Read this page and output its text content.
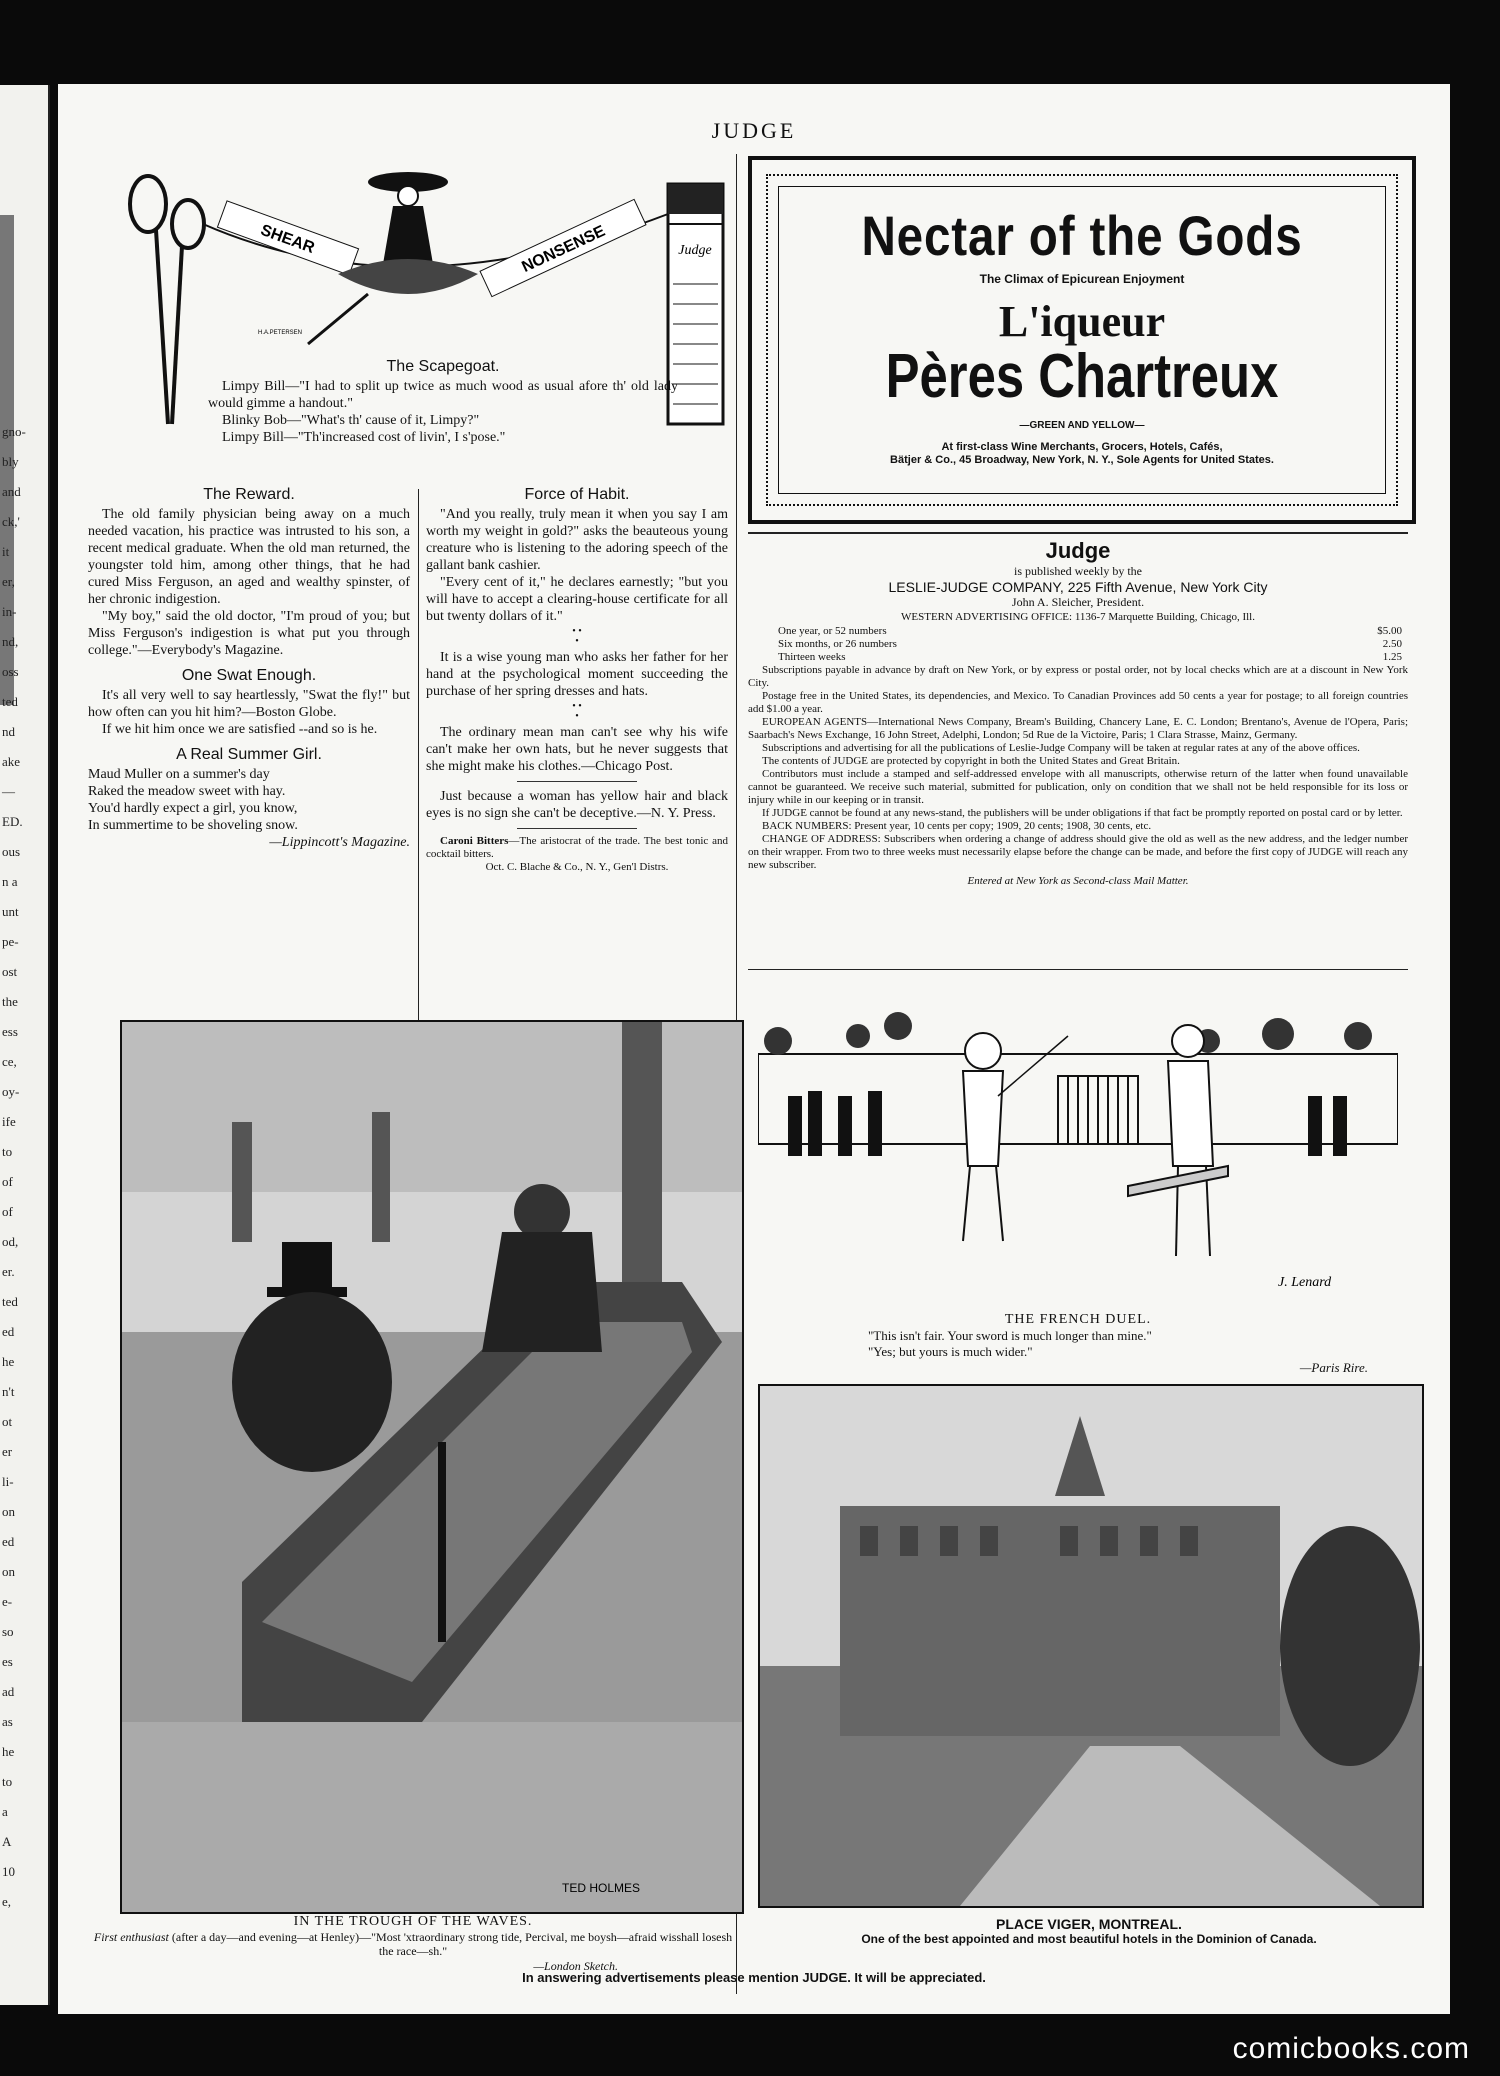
gno-
bly
and
ck,'
it
er,
in-
nd,
oss
ted
nd
ake
—
ED.
ous
n a
unt
pe-
ost
the
ess
ce,
oy-
ife
to
of
of
od,
er.
ted
ed
he
n't
ot
er
li-
on
ed
on
e-
so
es
ad
as
he
to
a
A
10
e,
JUDGE
SHEAR	NONSENSE	Judge
H.A.PETERSEN
The Scapegoat.

Limpy Bill—"I had to split up twice as much wood as usual afore th' old lady would gimme a handout."

Blinky Bob—"What's th' cause of it, Limpy?"

Limpy Bill—"Th'increased cost of livin', I s'pose."

The Reward.

The old family physician being away on a much needed vacation, his practice was intrusted to his son, a recent medical graduate. When the old man returned, the youngster told him, among other things, that he had cured Miss Ferguson, an aged and wealthy spinster, of her chronic indigestion.

"My boy," said the old doctor, "I'm proud of you; but Miss Ferguson's indigestion is what put you through college."—Everybody's Magazine.

One Swat Enough.

It's all very well to say heartlessly, "Swat the fly!" but how often can you hit him?—Boston Globe.

If we hit him once we are satisfied --and so is he.

A Real Summer Girl.
Maud Muller on a summer's day
Raked the meadow sweet with hay.
You'd hardly expect a girl, you know,
In summertime to be shoveling snow.
—Lippincott's Magazine.
Force of Habit.

"And you really, truly mean it when you say I am worth my weight in gold?" asks the beauteous young creature who is listening to the adoring speech of the gallant bank cashier.

"Every cent of it," he declares earnestly; "but you will have to accept a clearing-house certificate for all but twenty dollars of it."

• •
•

It is a wise young man who asks her father for her hand at the psychological moment succeeding the purchase of her spring dresses and hats.

• •
•

The ordinary mean man can't see why his wife can't make her own hats, but he never suggests that she might make his clothes.—Chicago Post.

Just because a woman has yellow hair and black eyes is no sign she can't be deceptive.—N. Y. Press.

Caroni Bitters—The aristocrat of the trade. The best tonic and cocktail bitters.

Oct. C. Blache & Co., N. Y., Gen'l Distrs.
Nectar of the Gods
The Climax of Epicurean Enjoyment
L'iqueur
Pères Chartreux
—GREEN AND YELLOW—
At first-class Wine Merchants, Grocers, Hotels, Cafés,
Bätjer & Co., 45 Broadway, New York, N. Y., Sole Agents for United States.
Judge
is published weekly by the
LESLIE-JUDGE COMPANY, 225 Fifth Avenue, New York City
John A. Sleicher, President.
WESTERN ADVERTISING OFFICE: 1136-7 Marquette Building, Chicago, Ill.
One year, or 52 numbers	$5.00
Six months, or 26 numbers	2.50
Thirteen weeks	1.25

Subscriptions payable in advance by draft on New York, or by express or postal order, not by local checks which are at a discount in New York City.

Postage free in the United States, its dependencies, and Mexico. To Canadian Provinces add 50 cents a year for postage; to all foreign countries add $1.00 a year.

EUROPEAN AGENTS—International News Company, Bream's Building, Chancery Lane, E. C. London; Brentano's, Avenue de l'Opera, Paris; Saarbach's News Exchange, 16 John Street, Adelphi, London; 5d Rue de la Victoire, Paris; 1 Clara Strasse, Mainz, Germany.

Subscriptions and advertising for all the publications of Leslie-Judge Company will be taken at regular rates at any of the above offices.

The contents of JUDGE are protected by copyright in both the United States and Great Britain.

Contributors must include a stamped and self-addressed envelope with all manuscripts, otherwise return of the latter when found unavailable cannot be guaranteed. We receive such material, submitted for publication, only on condition that we shall not be held responsible for its loss or injury while in our keeping or in transit.

If JUDGE cannot be found at any news-stand, the publishers will be under obligations if that fact be promptly reported on postal card or by letter.

BACK NUMBERS: Present year, 10 cents per copy; 1909, 20 cents; 1908, 30 cents, etc.

CHANGE OF ADDRESS: Subscribers when ordering a change of address should give the old as well as the new address, and the ledger number on their wrapper. From two to three weeks must necessarily elapse before the change can be made, and before the first copy of JUDGE will reach any new subscriber.

Entered at New York as Second-class Mail Matter.
J. Lenard
THE FRENCH DUEL.
"This isn't fair. Your sword is much longer than mine."
"Yes; but yours is much wider."
—Paris Rire.
TED HOLMES
IN THE TROUGH OF THE WAVES.
First enthusiast (after a day—and evening—at Henley)—"Most 'xtraordinary strong tide, Percival, me boysh—afraid wisshall losesh the race—sh."
—London Sketch.
PLACE VIGER, MONTREAL.
One of the best appointed and most beautiful hotels in the Dominion of Canada.
In answering advertisements please mention JUDGE. It will be appreciated.
comicbooks.com
